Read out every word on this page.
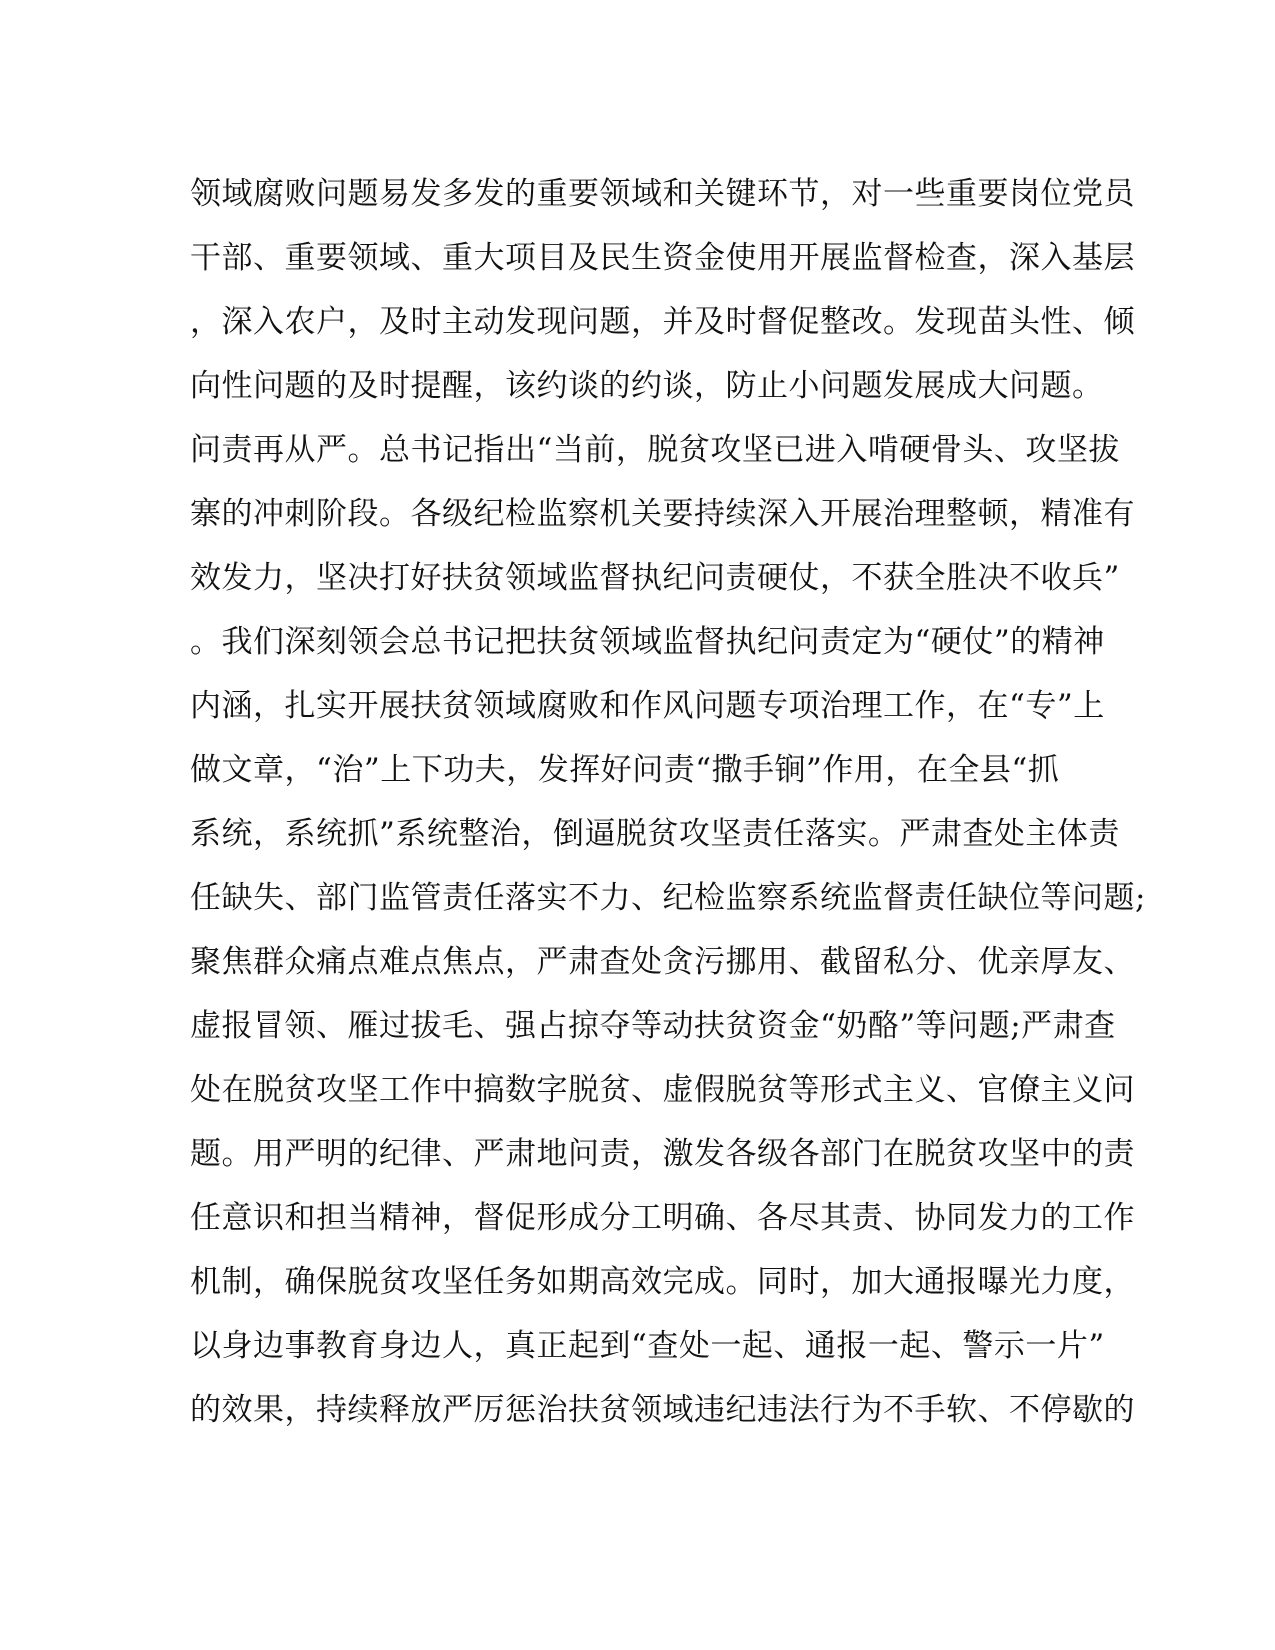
领域腐败问题易发多发的重要领域和关键环节，对一些重要岗位党员
干部、重要领域、重大项目及民生资金使用开展监督检查，深入基层
，深入农户，及时主动发现问题，并及时督促整改。发现苗头性、倾
向性问题的及时提醒，该约谈的约谈，防止小问题发展成大问题。
问责再从严。总书记指出“当前，脱贫攻坚已进入啃硬骨头、攻坚拔
寨的冲刺阶段。各级纪检监察机关要持续深入开展治理整顿，精准有
效发力，坚决打好扶贫领域监督执纪问责硬仗，不获全胜决不收兵”
。我们深刻领会总书记把扶贫领域监督执纪问责定为“硬仗”的精神
内涵，扎实开展扶贫领域腐败和作风问题专项治理工作，在“专”上
做文章，“治”上下功夫，发挥好问责“撒手锏”作用，在全县“抓
系统，系统抓”系统整治，倒逼脱贫攻坚责任落实。严肃查处主体责
任缺失、部门监管责任落实不力、纪检监察系统监督责任缺位等问题;
聚焦群众痛点难点焦点，严肃查处贪污挪用、截留私分、优亲厚友、
虚报冒领、雁过拔毛、强占掠夺等动扶贫资金“奶酪”等问题;严肃查
处在脱贫攻坚工作中搞数字脱贫、虚假脱贫等形式主义、官僚主义问
题。用严明的纪律、严肃地问责，激发各级各部门在脱贫攻坚中的责
任意识和担当精神，督促形成分工明确、各尽其责、协同发力的工作
机制，确保脱贫攻坚任务如期高效完成。同时，加大通报曝光力度，
以身边事教育身边人，真正起到“查处一起、通报一起、警示一片”
的效果，持续释放严厉惩治扶贫领域违纪违法行为不手软、不停歇的
